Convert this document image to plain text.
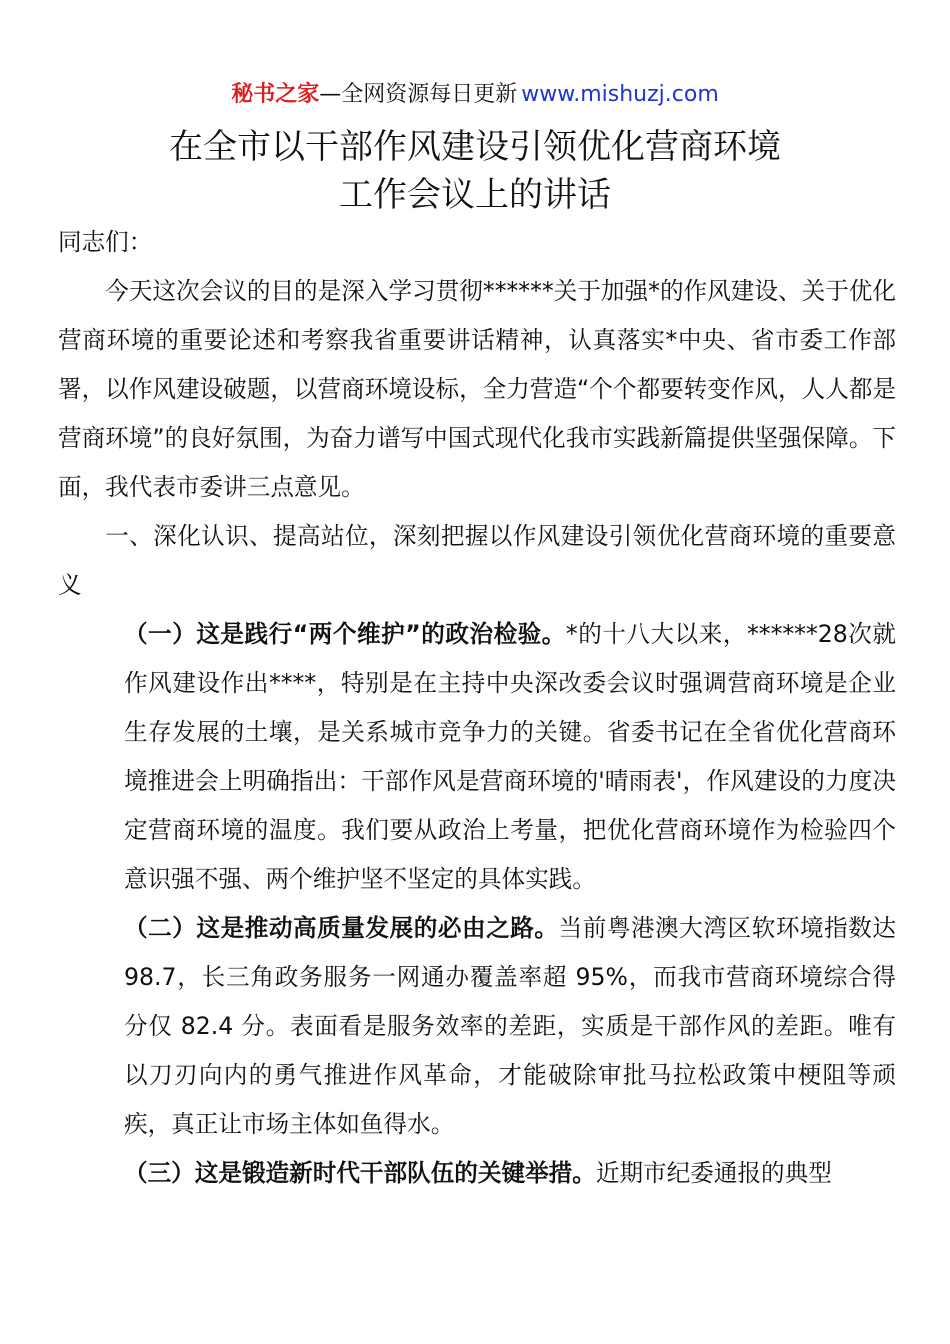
秘书之家—全网资源每日更新 www.mishuzj.com
在全市以干部作风建设引领优化营商环境
工作会议上的讲话

同志们：

今天这次会议的目的是深入学习贯彻******关于加强*的作风建设、关于优化营商环境的重要论述和考察我省重要讲话精神，认真落实*中央、省市委工作部署，以作风建设破题，以营商环境设标，全力营造“个个都要转变作风，人人都是营商环境”的良好氛围，为奋力谱写中国式现代化我市实践新篇提供坚强保障。下面，我代表市委讲三点意见。

一、深化认识、提高站位，深刻把握以作风建设引领优化营商环境的重要意义

（一）这是践行“两个维护”的政治检验。*的十八大以来，******28次就作风建设作出****，特别是在主持中央深改委会议时强调营商环境是企业生存发展的土壤，是关系城市竞争力的关键。省委书记在全省优化营商环境推进会上明确指出：干部作风是营商环境的'晴雨表'，作风建设的力度决定营商环境的温度。我们要从政治上考量，把优化营商环境作为检验四个意识强不强、两个维护坚不坚定的具体实践。

（二）这是推动高质量发展的必由之路。当前粤港澳大湾区软环境指数达 98.7，长三角政务服务一网通办覆盖率超 95%，而我市营商环境综合得分仅 82.4 分。表面看是服务效率的差距，实质是干部作风的差距。唯有以刀刃向内的勇气推进作风革命，才能破除审批马拉松政策中梗阻等顽疾，真正让市场主体如鱼得水。

（三）这是锻造新时代干部队伍的关键举措。近期市纪委通报的典型
